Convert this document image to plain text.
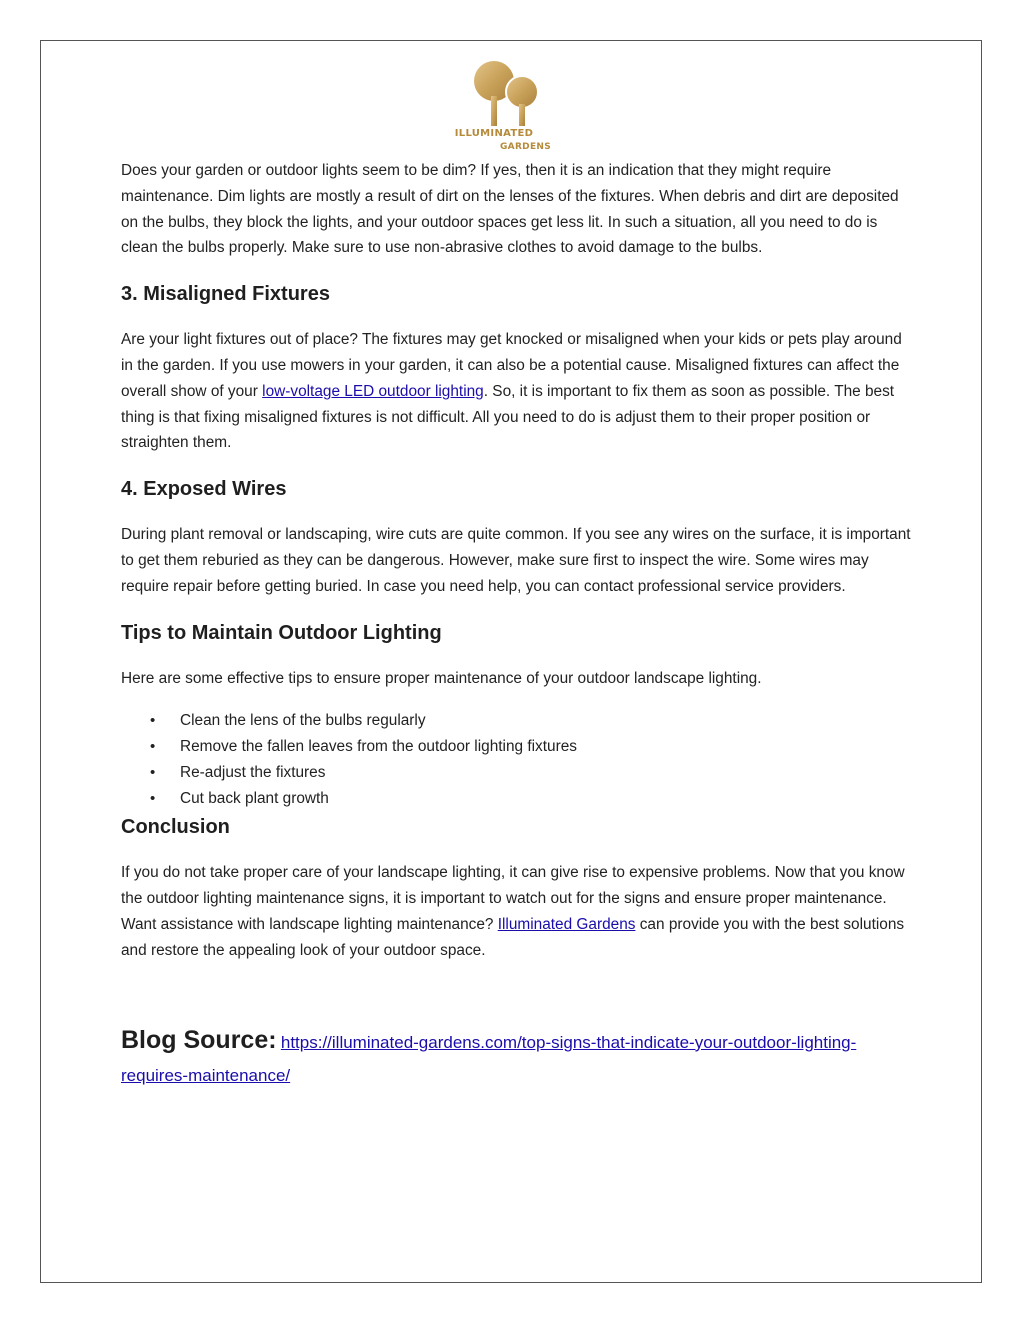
ILLUMINATED
GARDENS

Does your garden or outdoor lights seem to be dim? If yes, then it is an indication that they might require maintenance. Dim lights are mostly a result of dirt on the lenses of the fixtures. When debris and dirt are deposited on the bulbs, they block the lights, and your outdoor spaces get less lit. In such a situation, all you need to do is clean the bulbs properly. Make sure to use non-abrasive clothes to avoid damage to the bulbs.

3. Misaligned Fixtures

Are your light fixtures out of place? The fixtures may get knocked or misaligned when your kids or pets play around in the garden. If you use mowers in your garden, it can also be a potential cause. Misaligned fixtures can affect the overall show of your low-voltage LED outdoor lighting. So, it is important to fix them as soon as possible. The best thing is that fixing misaligned fixtures is not difficult. All you need to do is adjust them to their proper position or straighten them.

4. Exposed Wires

During plant removal or landscaping, wire cuts are quite common. If you see any wires on the surface, it is important to get them reburied as they can be dangerous. However, make sure first to inspect the wire. Some wires may require repair before getting buried. In case you need help, you can contact professional service providers.

Tips to Maintain Outdoor Lighting

Here are some effective tips to ensure proper maintenance of your outdoor landscape lighting.

• Clean the lens of the bulbs regularly
• Remove the fallen leaves from the outdoor lighting fixtures
• Re-adjust the fixtures
• Cut back plant growth
Conclusion

If you do not take proper care of your landscape lighting, it can give rise to expensive problems. Now that you know the outdoor lighting maintenance signs, it is important to watch out for the signs and ensure proper maintenance. Want assistance with landscape lighting maintenance? Illuminated Gardens can provide you with the best solutions and restore the appealing look of your outdoor space.

Blog Source: https://illuminated-gardens.com/top-signs-that-indicate-your-outdoor-lighting-requires-maintenance/
